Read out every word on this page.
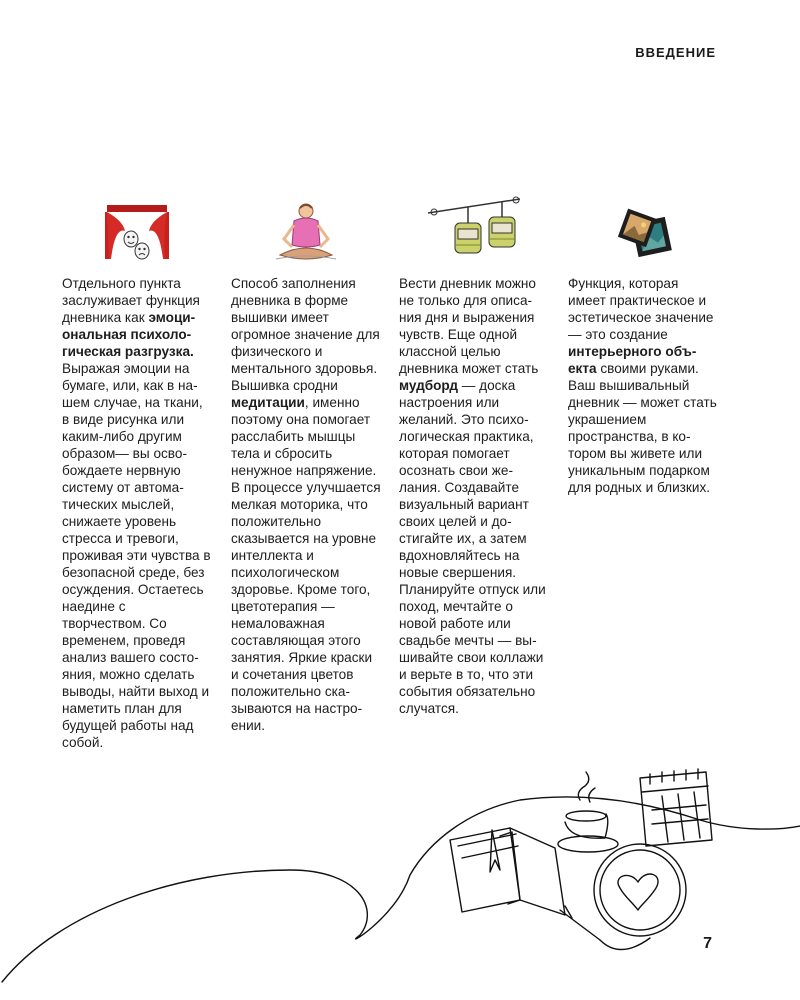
ВВЕДЕНИЕ

Отдельного пункта заслуживает функция дневника как эмоциональная психологическая разгрузка. Выражая эмоции на бумаге, или, как в нашем случае, на ткани, в виде рисунка или каким-либо другим образом— вы освобождаете нервную систему от автоматических мыслей, снижаете уровень стресса и тревоги, проживая эти чувства в безопасной среде, без осуждения. Остаетесь наедине с творчеством. Со временем, проведя анализ вашего состояния, можно сделать выводы, найти выход и наметить план для будущей работы над собой.

Способ заполнения дневника в форме вышивки имеет огромное значение для физического и ментального здоровья. Вышивка сродни медитации, именно поэтому она помогает расслабить мышцы тела и сбросить ненужное напряжение. В процессе улучшается мелкая моторика, что положительно сказывается на уровне интеллекта и психологическом здоровье. Кроме того, цветотерапия — немаловажная составляющая этого занятия. Яркие краски и сочетания цветов положительно сказываются на настроении.

Вести дневник можно не только для описания дня и выражения чувств. Еще одной классной целью дневника может стать мудборд — доска настроения или желаний. Это психологическая практика, которая помогает осознать свои желания. Создавайте визуальный вариант своих целей и достигайте их, а затем вдохновляйтесь на новые свершения. Планируйте отпуск или поход, мечтайте о новой работе или свадьбе мечты — вышивайте свои коллажи и верьте в то, что эти события обязательно случатся.

Функция, которая имеет практическое и эстетическое значение — это создание интерьерного объекта своими руками. Ваш вышивальный дневник — может стать украшением пространства, в котором вы живете или уникальным подарком для родных и близких.

7
